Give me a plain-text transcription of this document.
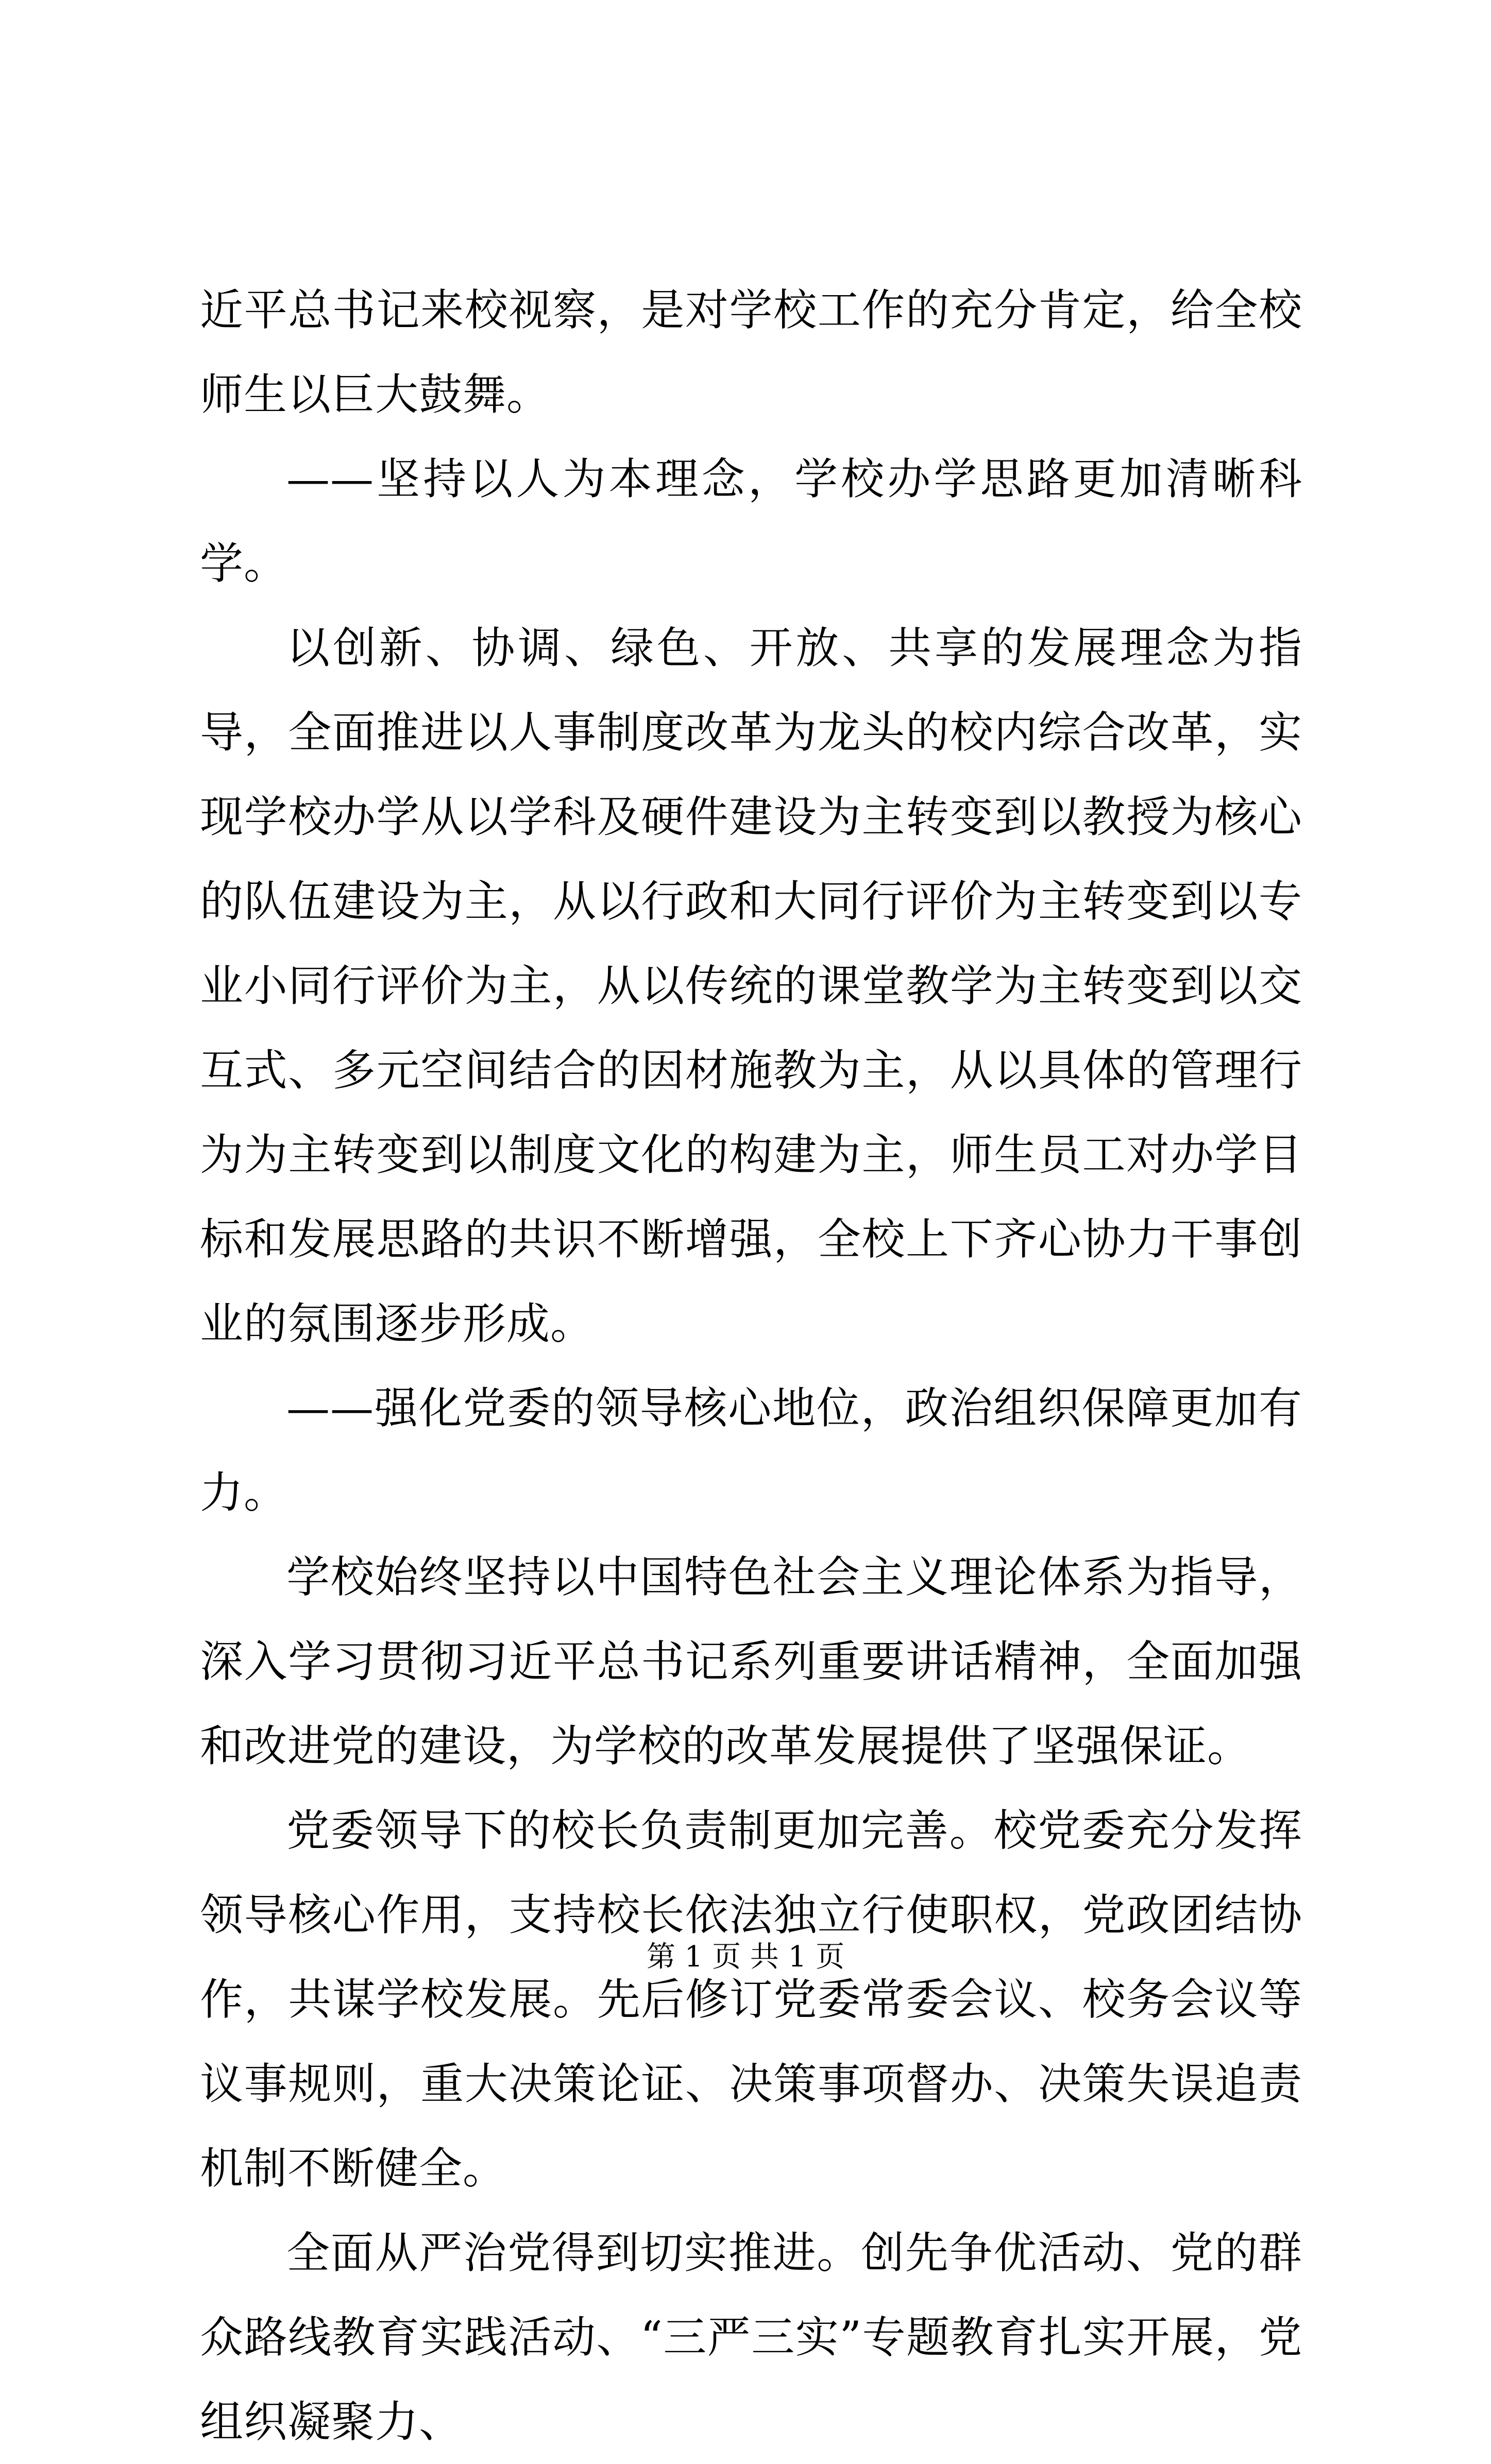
近平总书记来校视察，是对学校工作的充分肯定，给全校师生以巨大鼓舞。

——坚持以人为本理念，学校办学思路更加清晰科学。

以创新、协调、绿色、开放、共享的发展理念为指导，全面推进以人事制度改革为龙头的校内综合改革，实现学校办学从以学科及硬件建设为主转变到以教授为核心的队伍建设为主，从以行政和大同行评价为主转变到以专业小同行评价为主，从以传统的课堂教学为主转变到以交互式、多元空间结合的因材施教为主，从以具体的管理行为为主转变到以制度文化的构建为主，师生员工对办学目标和发展思路的共识不断增强，全校上下齐心协力干事创业的氛围逐步形成。

——强化党委的领导核心地位，政治组织保障更加有力。

学校始终坚持以中国特色社会主义理论体系为指导，深入学习贯彻习近平总书记系列重要讲话精神，全面加强和改进党的建设，为学校的改革发展提供了坚强保证。

党委领导下的校长负责制更加完善。校党委充分发挥领导核心作用，支持校长依法独立行使职权，党政团结协作，共谋学校发展。先后修订党委常委会议、校务会议等议事规则，重大决策论证、决策事项督办、决策失误追责机制不断健全。

全面从严治党得到切实推进。创先争优活动、党的群众路线教育实践活动、“三严三实”专题教育扎实开展，党组织凝聚力、

第 1 页 共 1 页
